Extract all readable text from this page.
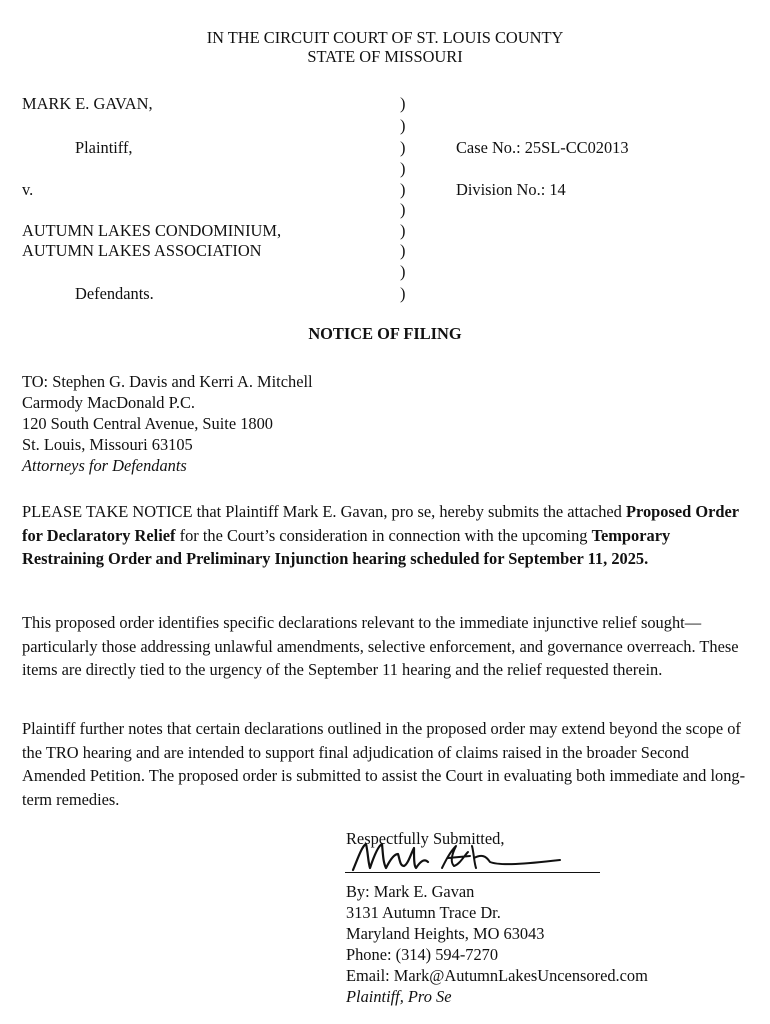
IN THE CIRCUIT COURT OF ST. LOUIS COUNTY
STATE OF MISSOURI
MARK E. GAVAN,
Plaintiff,
v.
AUTUMN LAKES CONDOMINIUM,
AUTUMN LAKES ASSOCIATION
Defendants.
)
)
)
)
)
)
)
)
)
)
Case No.: 25SL-CC02013
Division No.: 14
NOTICE OF FILING
TO: Stephen G. Davis and Kerri A. Mitchell
Carmody MacDonald P.C.
120 South Central Avenue, Suite 1800
St. Louis, Missouri 63105
Attorneys for Defendants
PLEASE TAKE NOTICE that Plaintiff Mark E. Gavan, pro se, hereby submits the attached Proposed Order for Declaratory Relief for the Court’s consideration in connection with the upcoming Temporary Restraining Order and Preliminary Injunction hearing scheduled for September 11, 2025.
This proposed order identifies specific declarations relevant to the immediate injunctive relief sought—particularly those addressing unlawful amendments, selective enforcement, and governance overreach. These items are directly tied to the urgency of the September 11 hearing and the relief requested therein.
Plaintiff further notes that certain declarations outlined in the proposed order may extend beyond the scope of the TRO hearing and are intended to support final adjudication of claims raised in the broader Second Amended Petition. The proposed order is submitted to assist the Court in evaluating both immediate and long-term remedies.
Respectfully Submitted,
By: Mark E. Gavan
3131 Autumn Trace Dr.
Maryland Heights, MO 63043
Phone: (314) 594-7270
Email: Mark@AutumnLakesUncensored.com
Plaintiff, Pro Se
